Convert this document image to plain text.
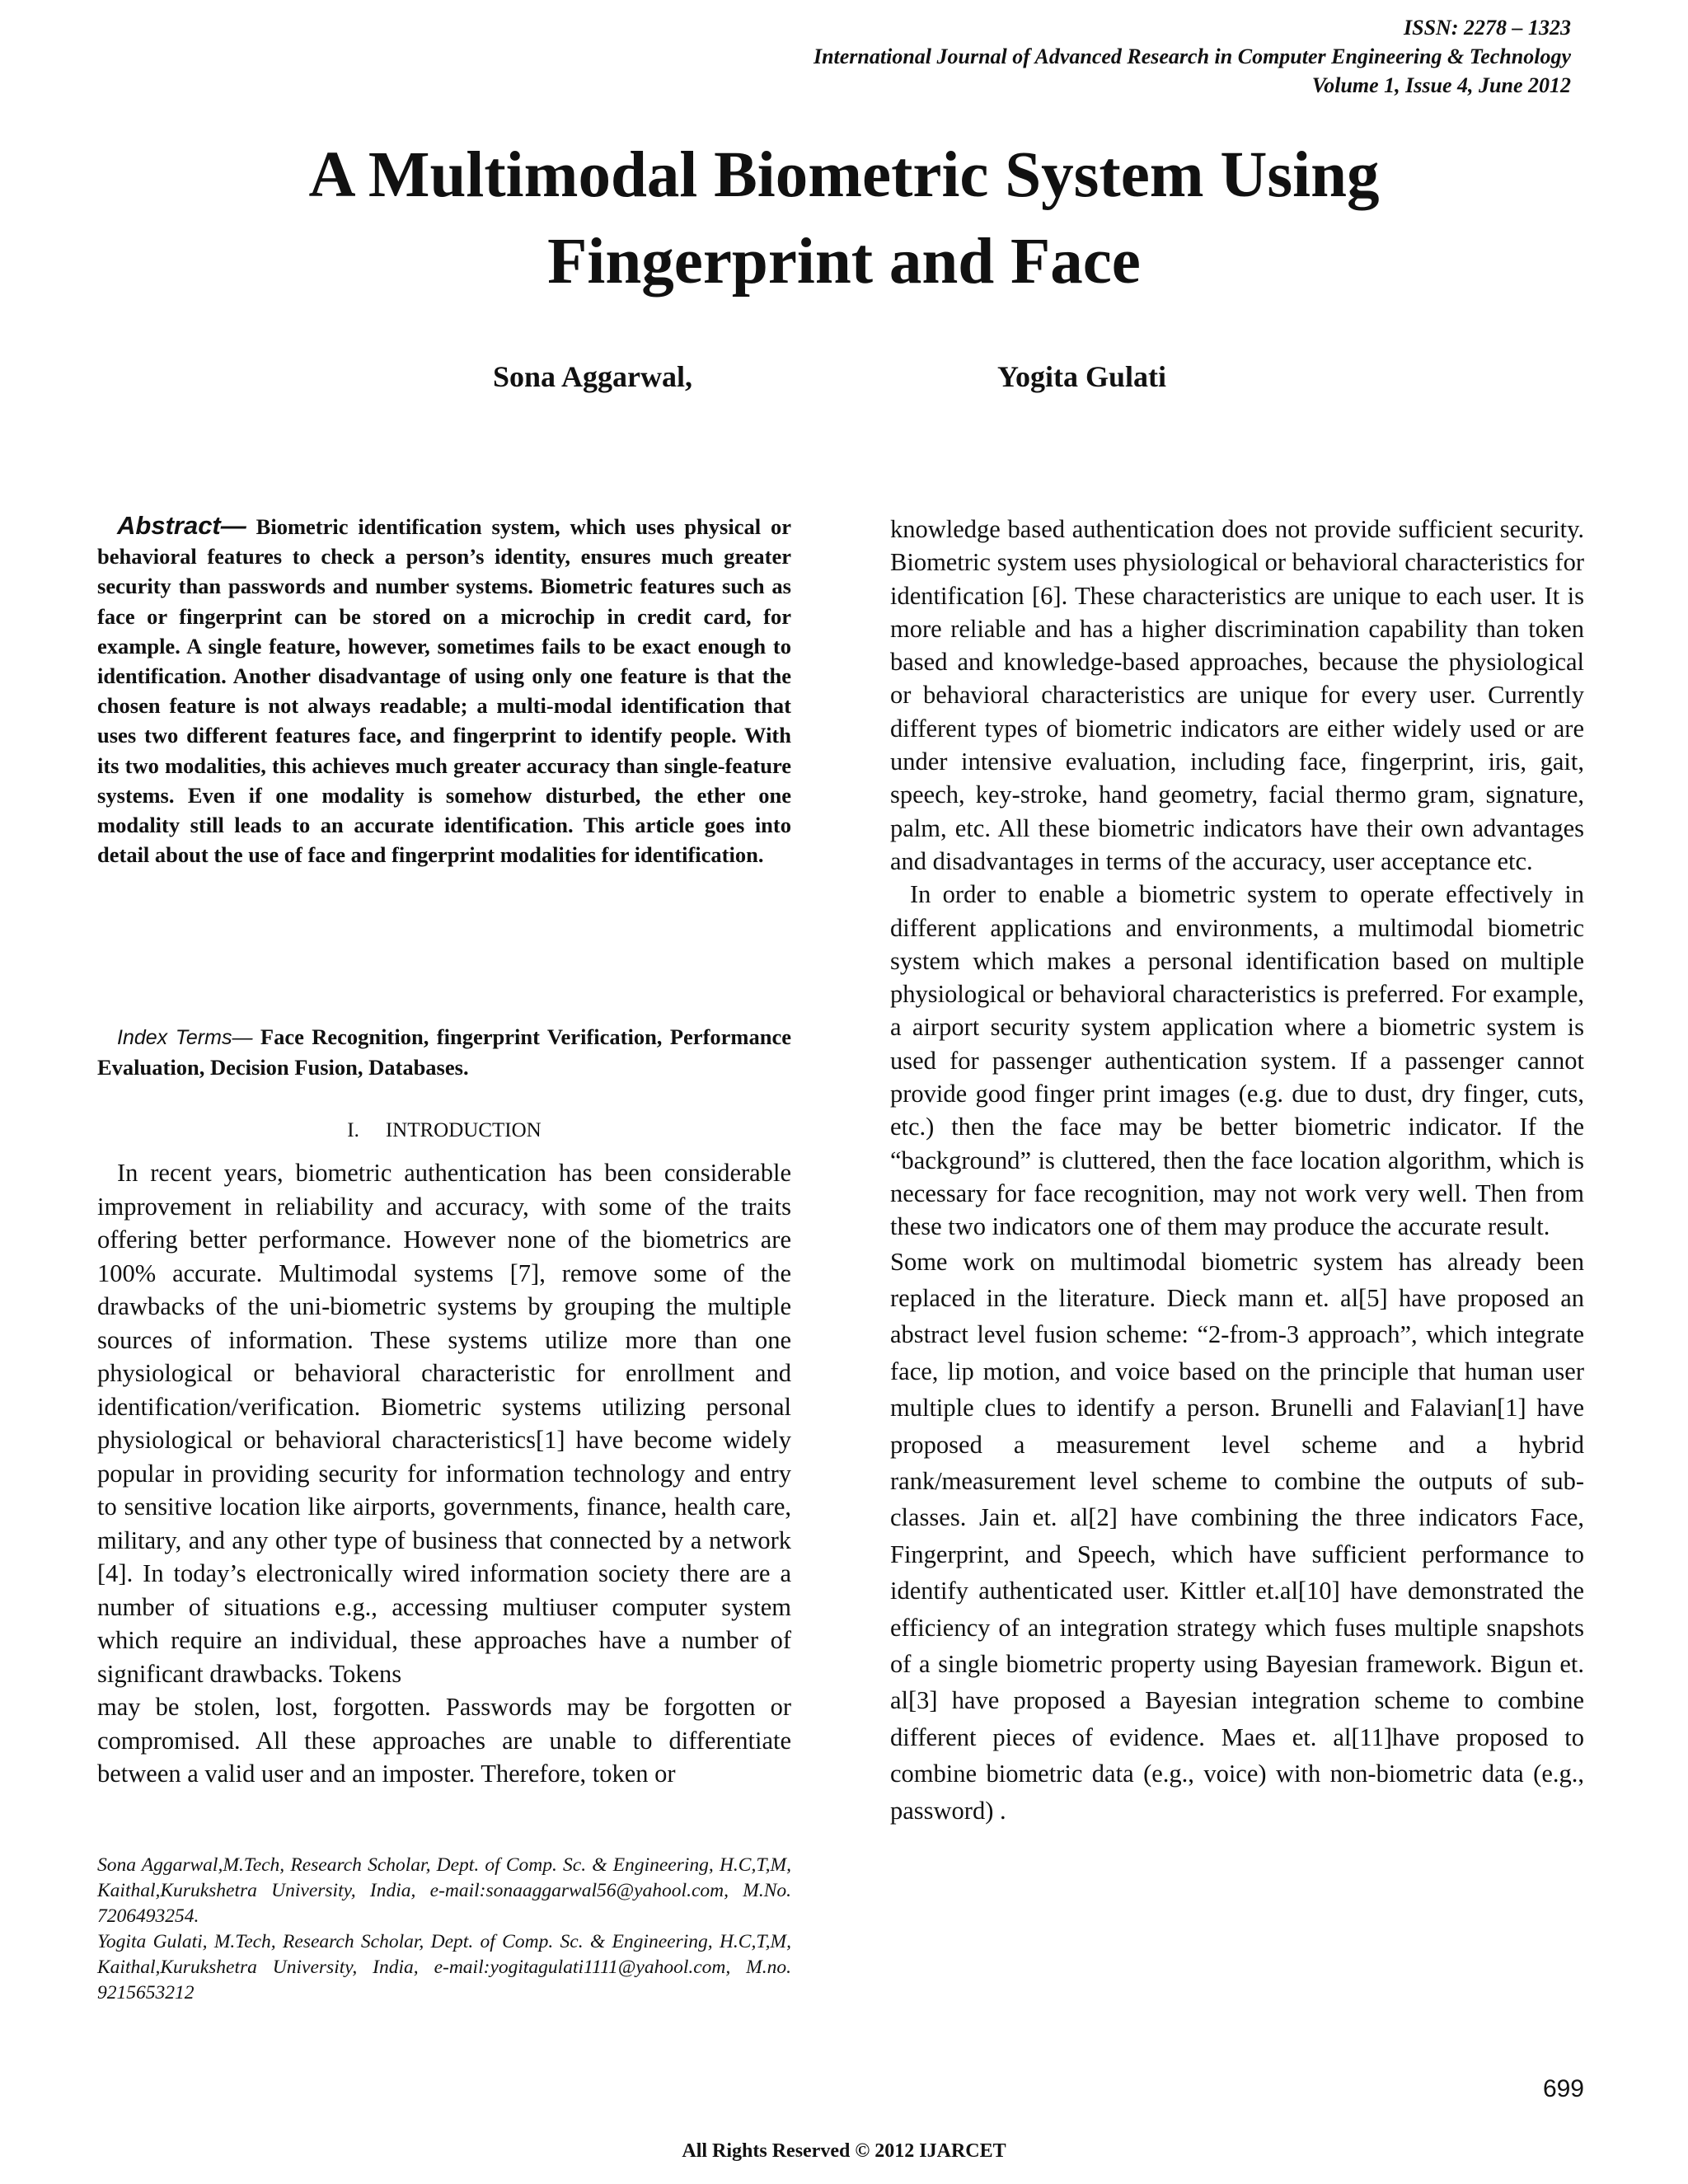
ISSN: 2278 – 1323
International Journal of Advanced Research in Computer Engineering & Technology
Volume 1, Issue 4, June 2012
A Multimodal Biometric System Using
Fingerprint and Face
Sona Aggarwal,	Yogita Gulati
Abstract— Biometric identification system, which uses physical or behavioral features to check a person’s identity, ensures much greater security than passwords and number systems. Biometric features such as face or fingerprint can be stored on a microchip in credit card, for example. A single feature, however, sometimes fails to be exact enough to identification. Another disadvantage of using only one feature is that the chosen feature is not always readable; a multi-modal identification that uses two different features face, and fingerprint to identify people. With its two modalities, this achieves much greater accuracy than single-feature systems. Even if one modality is somehow disturbed, the ether one modality still leads to an accurate identification. This article goes into detail about the use of face and fingerprint modalities for identification.
Index Terms— Face Recognition, fingerprint Verification, Performance Evaluation, Decision Fusion, Databases.
I. INTRODUCTION

In recent years, biometric authentication has been considerable improvement in reliability and accuracy, with some of the traits offering better performance. However none of the biometrics are 100% accurate. Multimodal systems [7], remove some of the drawbacks of the uni-biometric systems by grouping the multiple sources of information. These systems utilize more than one physiological or behavioral characteristic for enrollment and identification/verification. Biometric systems utilizing personal physiological or behavioral characteristics[1] have become widely popular in providing security for information technology and entry to sensitive location like airports, governments, finance, health care, military, and any other type of business that connected by a network [4]. In today’s electronically wired information society there are a number of situations e.g., accessing multiuser computer system which require an individual, these approaches have a number of significant drawbacks. Tokens

may be stolen, lost, forgotten. Passwords may be forgotten or compromised. All these approaches are unable to differentiate between a valid user and an imposter. Therefore, token or

Sona Aggarwal,M.Tech, Research Scholar, Dept. of Comp. Sc. & Engineering, H.C,T,M, Kaithal,Kurukshetra University, India, e-mail:sonaaggarwal56@yahool.com, M.No. 7206493254.

Yogita Gulati, M.Tech, Research Scholar, Dept. of Comp. Sc. & Engineering, H.C,T,M, Kaithal,Kurukshetra University, India, e-mail:yogitagulati1111@yahool.com, M.no. 9215653212

knowledge based authentication does not provide sufficient security. Biometric system uses physiological or behavioral characteristics for identification [6]. These characteristics are unique to each user. It is more reliable and has a higher discrimination capability than token based and knowledge-based approaches, because the physiological or behavioral characteristics are unique for every user. Currently different types of biometric indicators are either widely used or are under intensive evaluation, including face, fingerprint, iris, gait, speech, key-stroke, hand geometry, facial thermo gram, signature, palm, etc. All these biometric indicators have their own advantages and disadvantages in terms of the accuracy, user acceptance etc.

In order to enable a biometric system to operate effectively in different applications and environments, a multimodal biometric system which makes a personal identification based on multiple physiological or behavioral characteristics is preferred. For example, a airport security system application where a biometric system is used for passenger authentication system. If a passenger cannot provide good finger print images (e.g. due to dust, dry finger, cuts, etc.) then the face may be better biometric indicator. If the “background” is cluttered, then the face location algorithm, which is necessary for face recognition, may not work very well. Then from these two indicators one of them may produce the accurate result.

Some work on multimodal biometric system has already been replaced in the literature. Dieck mann et. al[5] have proposed an abstract level fusion scheme: “2-from-3 approach”, which integrate face, lip motion, and voice based on the principle that human user multiple clues to identify a person. Brunelli and Falavian[1] have proposed a measurement level scheme and a hybrid rank/measurement level scheme to combine the outputs of sub-classes. Jain et. al[2] have combining the three indicators Face, Fingerprint, and Speech, which have sufficient performance to identify authenticated user. Kittler et.al[10] have demonstrated the efficiency of an integration strategy which fuses multiple snapshots of a single biometric property using Bayesian framework. Bigun et. al[3] have proposed a Bayesian integration scheme to combine different pieces of evidence. Maes et. al[11]have proposed to combine biometric data (e.g., voice) with non-biometric data (e.g., password) .

699
All Rights Reserved © 2012 IJARCET
